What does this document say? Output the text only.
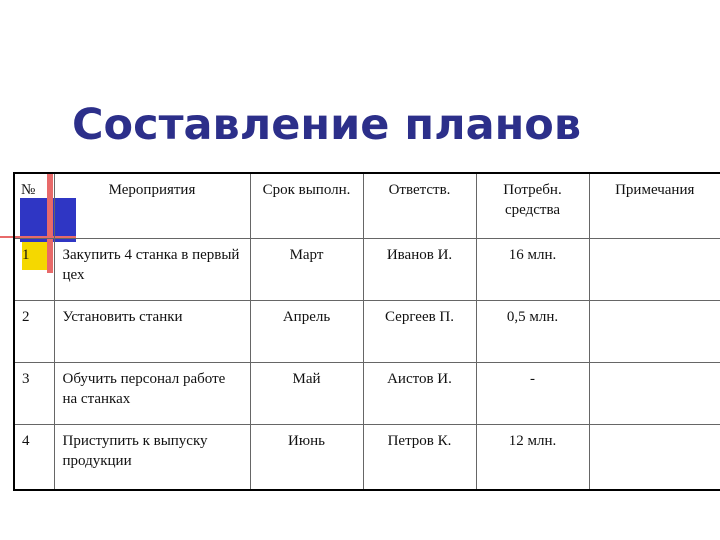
Составление планов
№	Мероприятия	Срок выполн.	Ответств.	Потребн. средства	Примечания
1	Закупить 4 станка в первый цех	Март	Иванов И.	16 млн.	
2	Установить станки	Апрель	Сергеев П.	0,5 млн.	
3	Обучить персонал работе на станках	Май	Аистов И.	-	
4	Приступить к выпуску продукции	Июнь	Петров К.	12 млн.	
